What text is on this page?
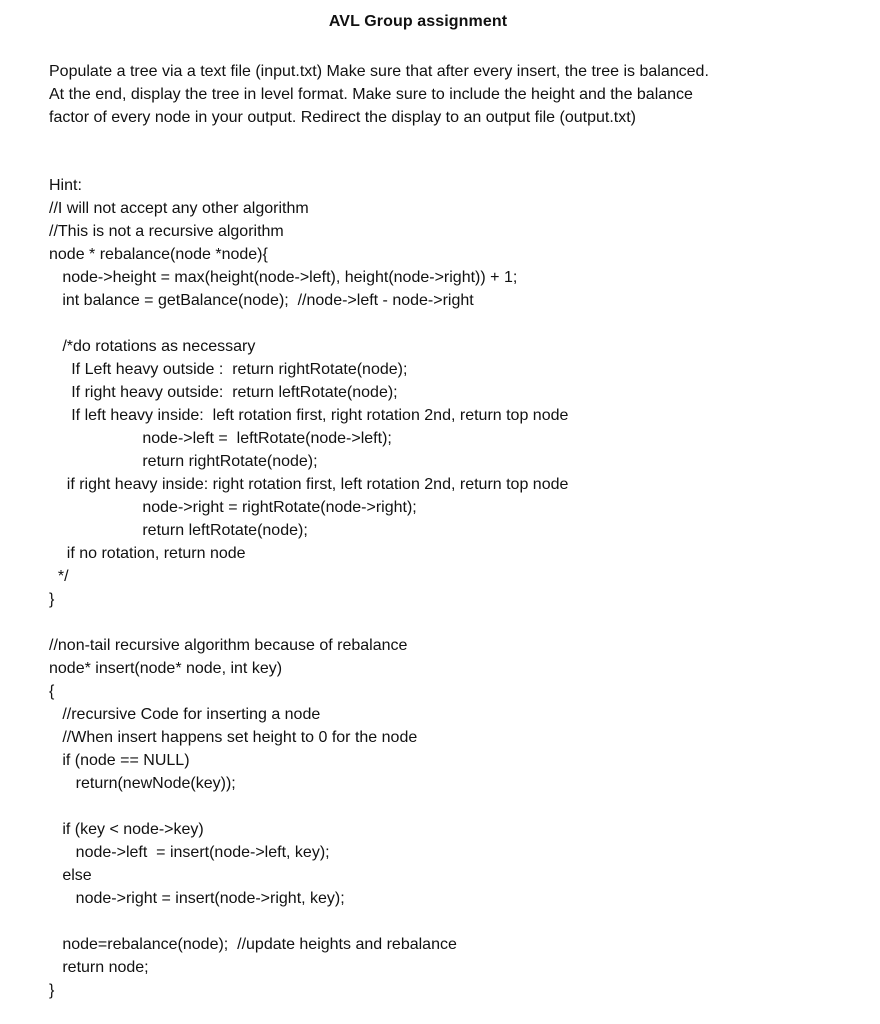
AVL Group assignment
Populate a tree via a text file (input.txt) Make sure that after every insert, the tree is balanced.
At the end, display the tree in level format. Make sure to include the height and the balance
factor of every node in your output. Redirect the display to an output file (output.txt)
Hint:
//I will not accept any other algorithm
//This is not a recursive algorithm
node * rebalance(node *node){
node->height = max(height(node->left), height(node->right)) + 1;
int balance = getBalance(node);  //node->left - node->right
/*do rotations as necessary
If Left heavy outside :  return rightRotate(node);
If right heavy outside:  return leftRotate(node);
If left heavy inside:  left rotation first, right rotation 2nd, return top node
node->left =  leftRotate(node->left);
return rightRotate(node);
if right heavy inside: right rotation first, left rotation 2nd, return top node
node->right = rightRotate(node->right);
return leftRotate(node);
if no rotation, return node
*/
}
//non-tail recursive algorithm because of rebalance
node* insert(node* node, int key)
{
//recursive Code for inserting a node
//When insert happens set height to 0 for the node
if (node == NULL)
return(newNode(key));
if (key < node->key)
node->left  = insert(node->left, key);
else
node->right = insert(node->right, key);
node=rebalance(node);  //update heights and rebalance
return node;
}
